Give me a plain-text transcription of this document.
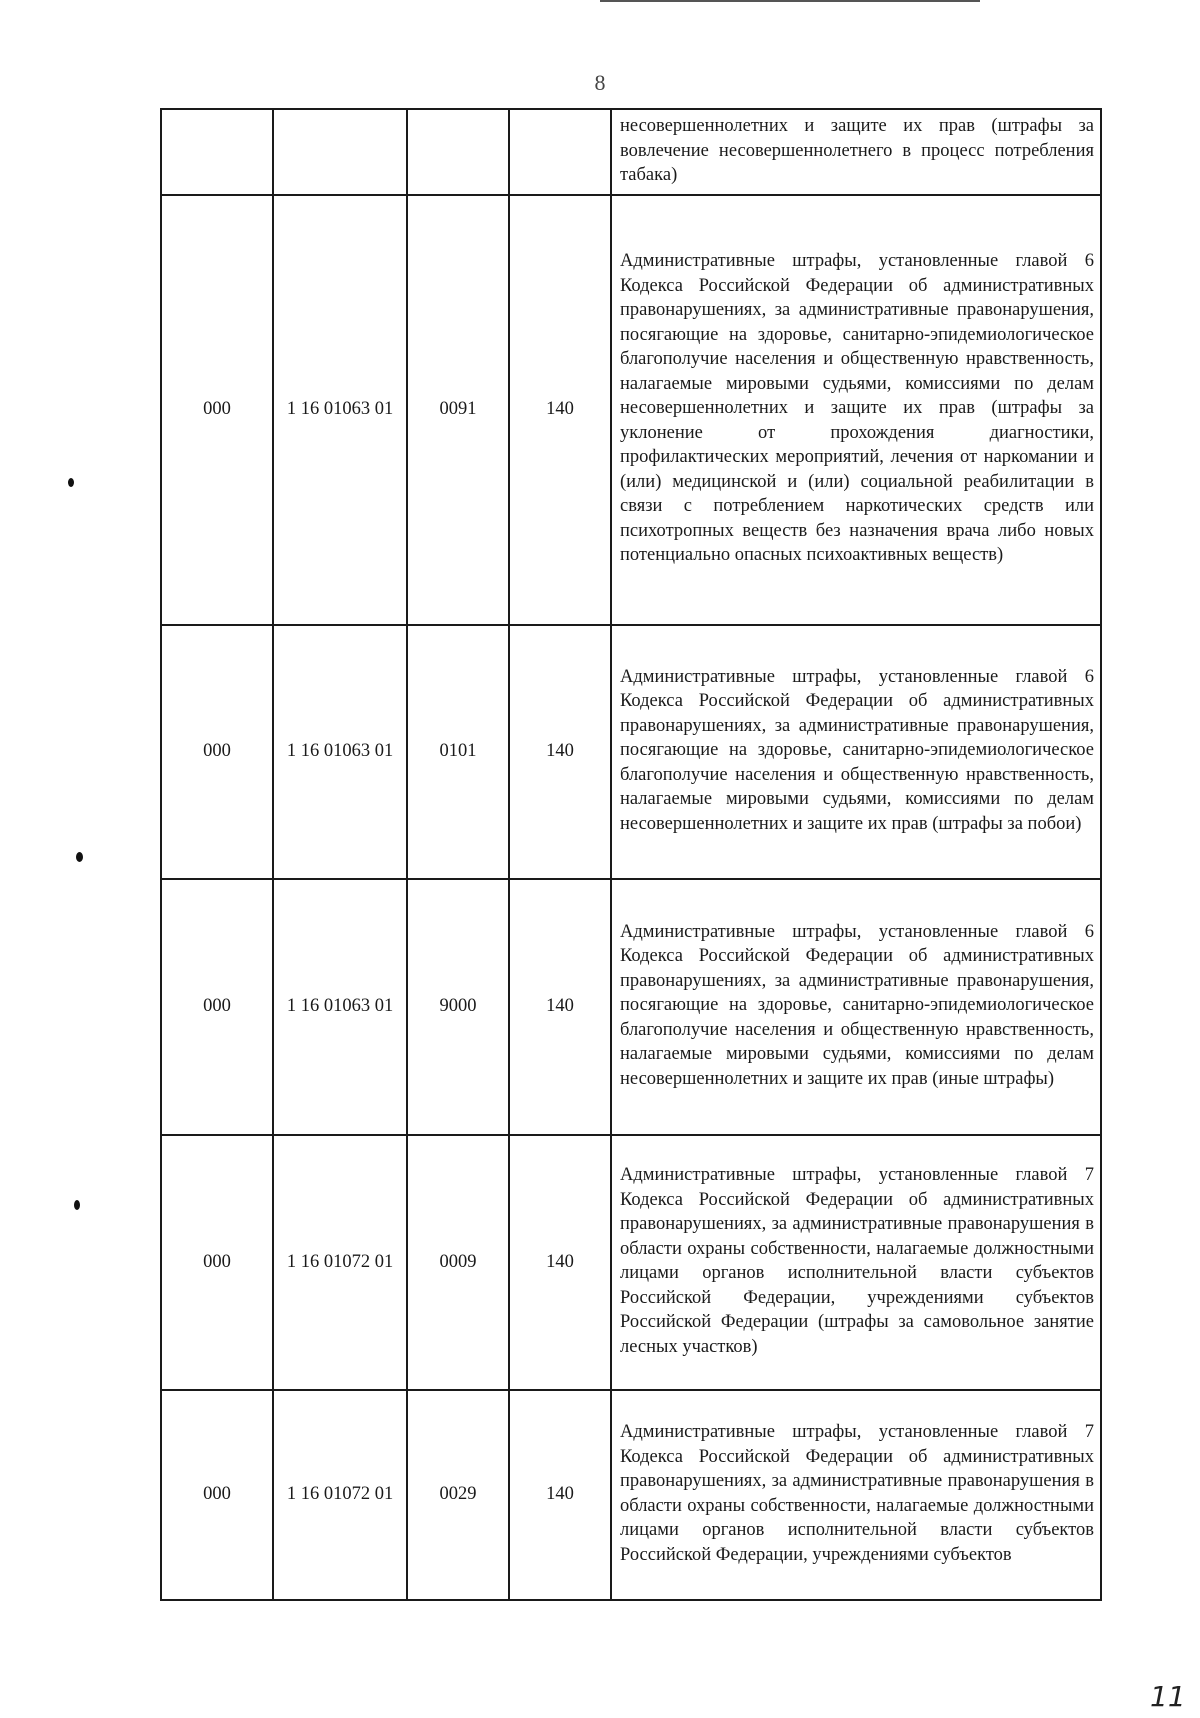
8
				несовершеннолетних и защите их прав (штрафы за вовлечение несовершеннолетнего в процесс потребления табака)
000	1 16 01063 01	0091	140	Административные штрафы, установленные главой 6 Кодекса Российской Федерации об административных правонарушениях, за административные правонарушения, посягающие на здоровье, санитарно-эпидемиологическое благополучие населения и общественную нравственность, налагаемые мировыми судьями, комиссиями по делам несовершеннолетних и защите их прав (штрафы за уклонение от прохождения диагностики, профилактических мероприятий, лечения от наркомании и (или) медицинской и (или) социальной реабилитации в связи с потреблением наркотических средств или психотропных веществ без назначения врача либо новых потенциально опасных психоактивных веществ)
000	1 16 01063 01	0101	140	Административные штрафы, установленные главой 6 Кодекса Российской Федерации об административных правонарушениях, за административные правонарушения, посягающие на здоровье, санитарно-эпидемиологическое благополучие населения и общественную нравственность, налагаемые мировыми судьями, комиссиями по делам несовершеннолетних и защите их прав (штрафы за побои)
000	1 16 01063 01	9000	140	Административные штрафы, установленные главой 6 Кодекса Российской Федерации об административных правонарушениях, за административные правонарушения, посягающие на здоровье, санитарно-эпидемиологическое благополучие населения и общественную нравственность, налагаемые мировыми судьями, комиссиями по делам несовершеннолетних и защите их прав (иные штрафы)
000	1 16 01072 01	0009	140	Административные штрафы, установленные главой 7 Кодекса Российской Федерации об административных правонарушениях, за административные правонарушения в области охраны собственности, налагаемые должностными лицами органов исполнительной власти субъектов Российской Федерации, учреждениями субъектов Российской Федерации (штрафы за самовольное занятие лесных участков)
000	1 16 01072 01	0029	140	Административные штрафы, установленные главой 7 Кодекса Российской Федерации об административных правонарушениях, за административные правонарушения в области охраны собственности, налагаемые должностными лицами органов исполнительной власти субъектов Российской Федерации, учреждениями субъектов
11
